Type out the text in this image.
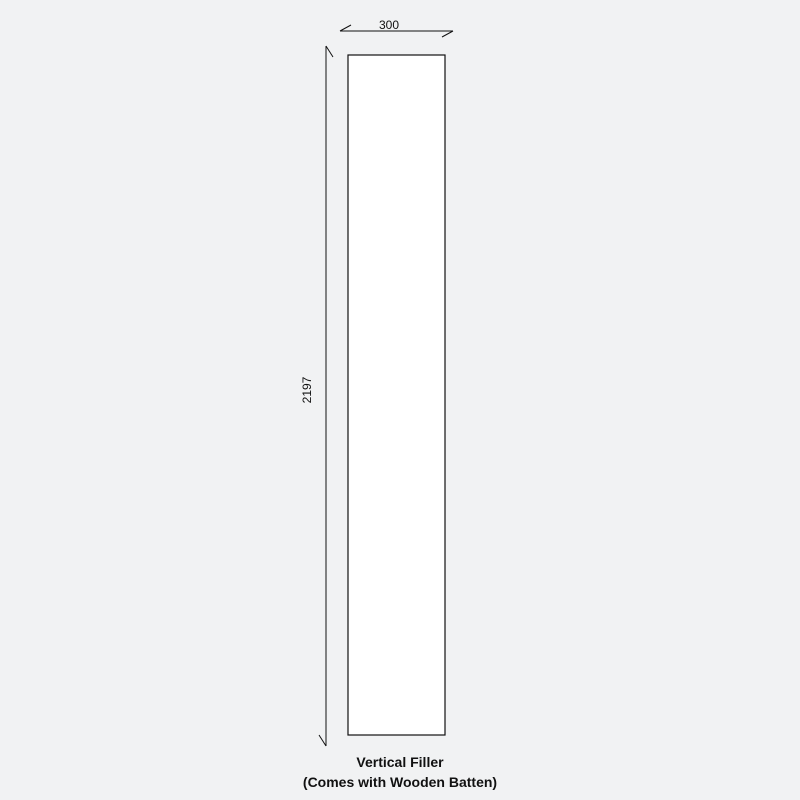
300
2197
Vertical Filler
(Comes with Wooden Batten)
